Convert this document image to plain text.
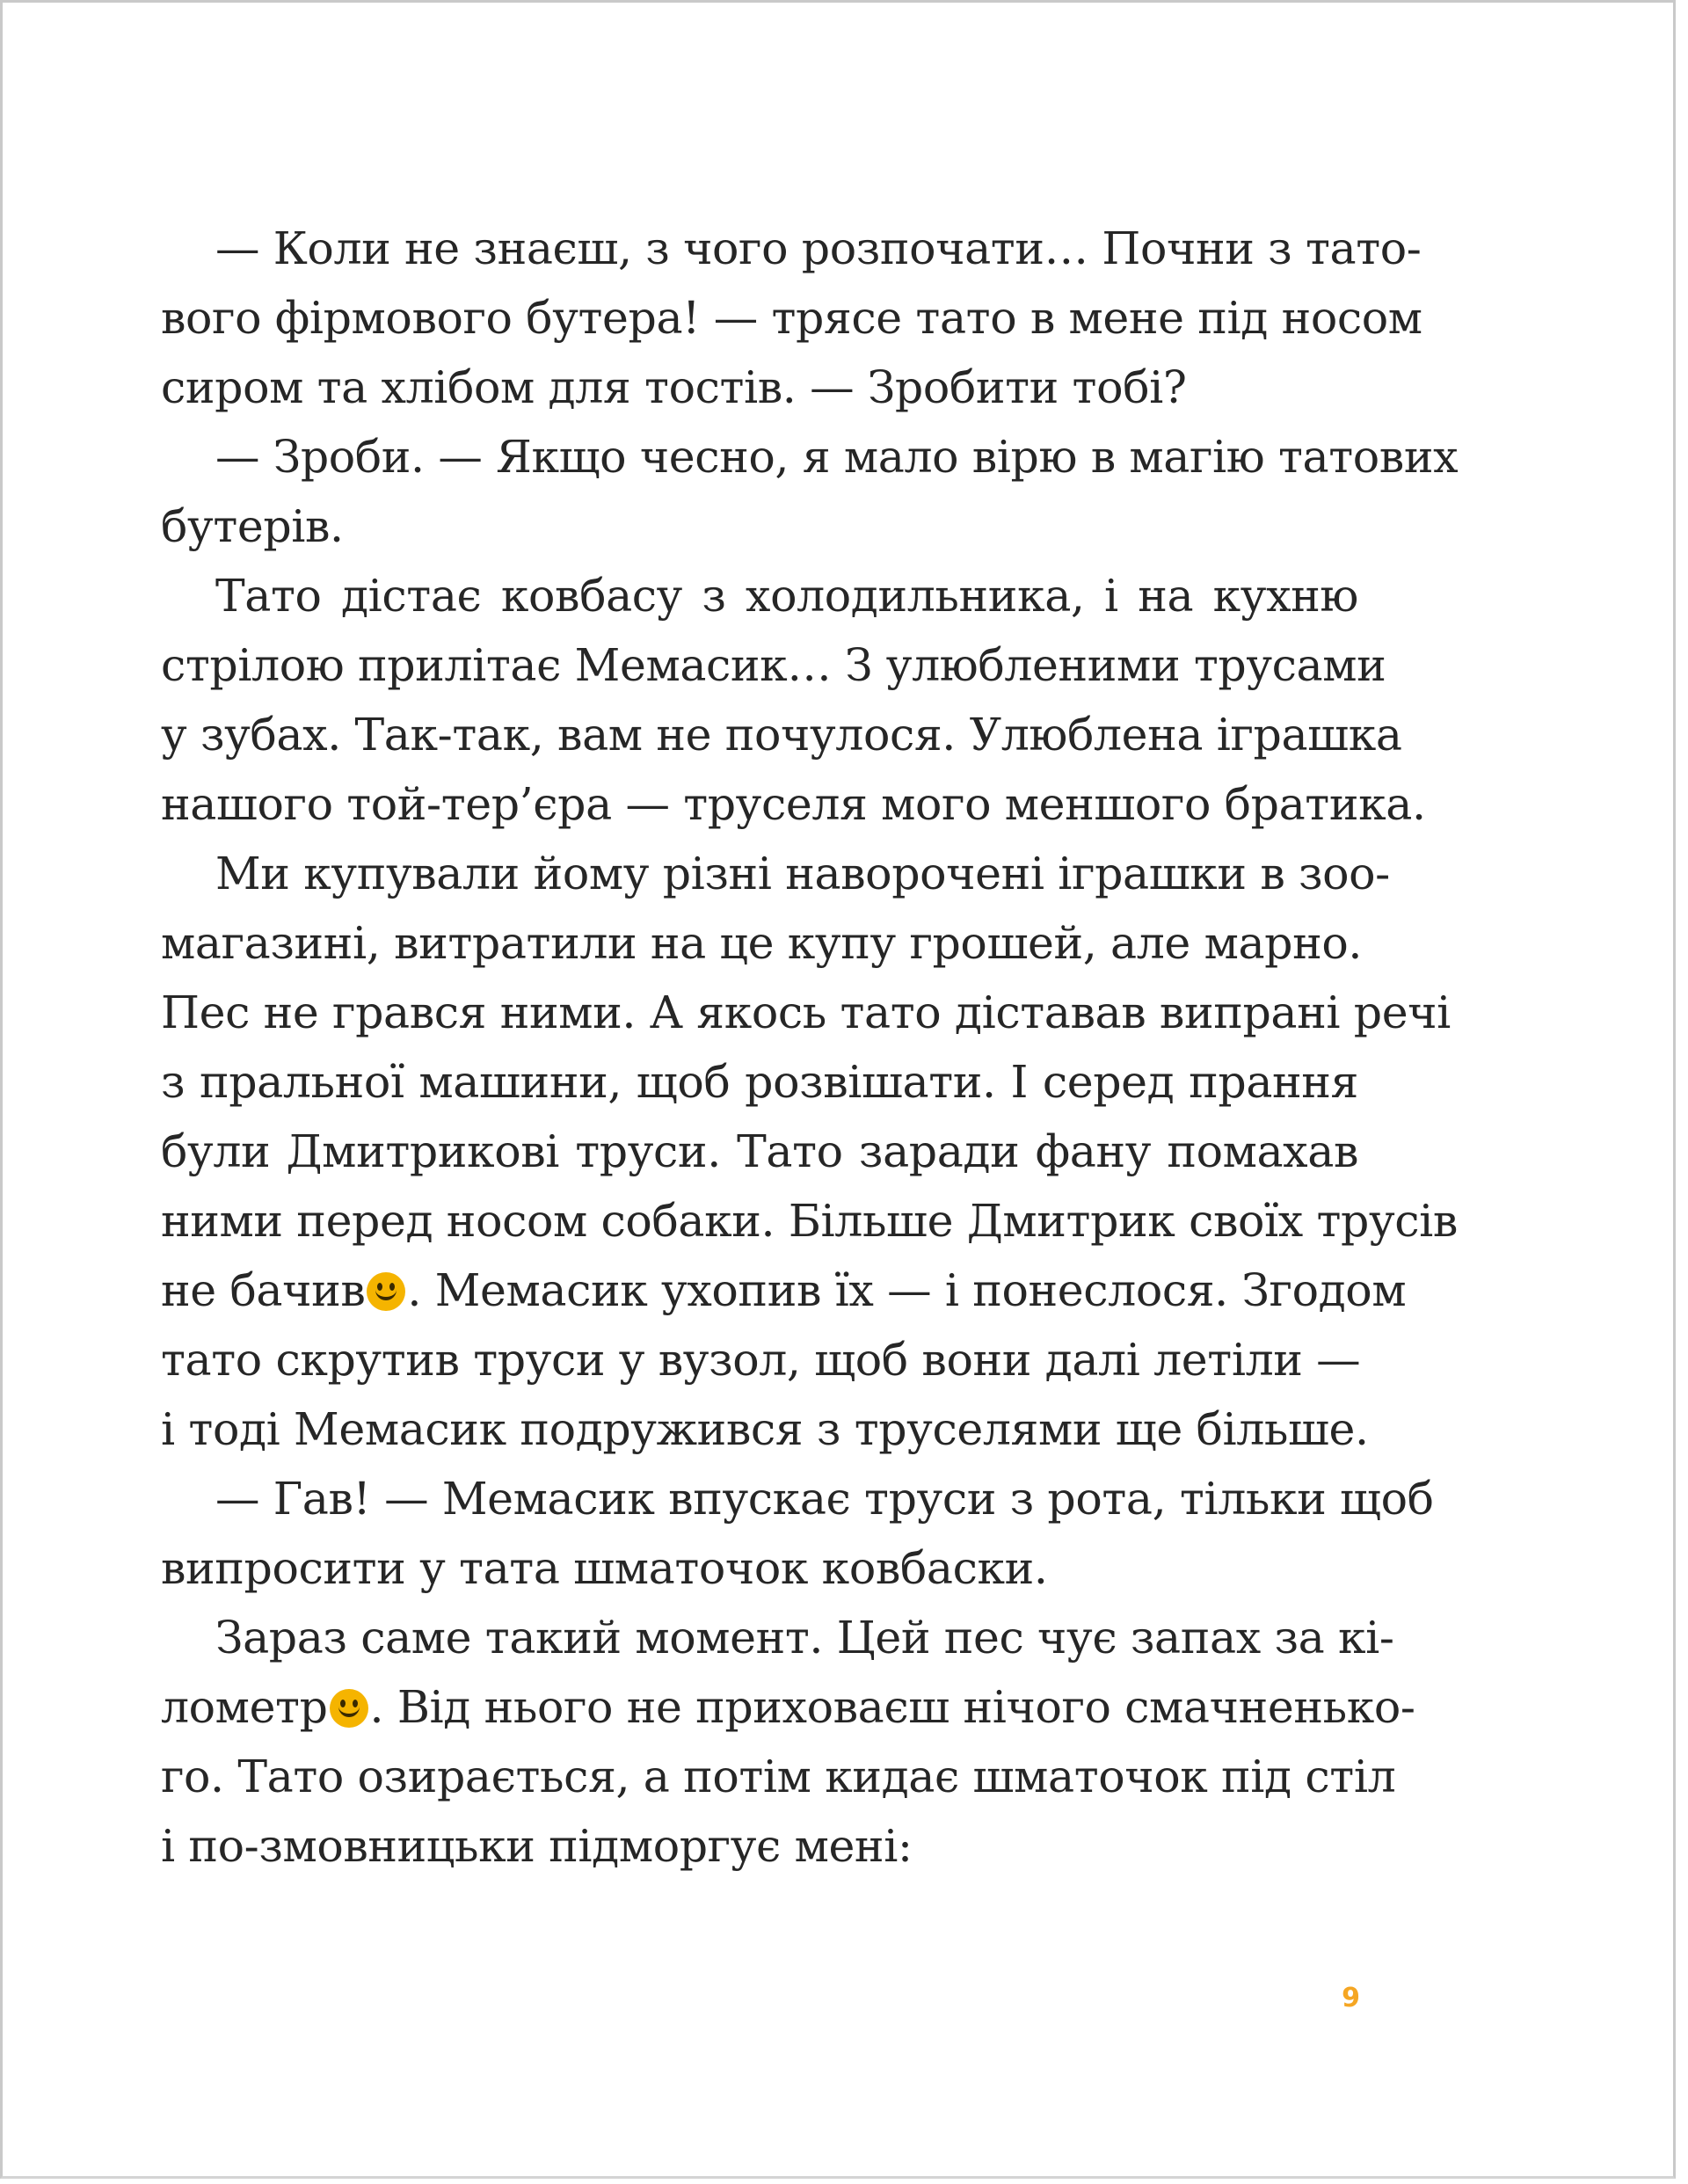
— Коли не знаєш, з чого розпочати… Почни з тато-
вого фірмового бутера! — трясе тато в мене під носом
сиром та хлібом для тостів. — Зробити тобі?
— Зроби. — Якщо чесно, я мало вірю в магію татових
бутерів.
Тато дістає ковбасу з холодильника, і на кухню
стрілою прилітає Мемасик… З улюбленими трусами
у зубах. Так-так, вам не почулося. Улюблена іграшка
нашого той-тер’єра — труселя мого меншого братика.
Ми купували йому різні наворочені іграшки в зоо-
магазині, витратили на це купу грошей, але марно.
Пес не грався ними. А якось тато діставав випрані речі
з пральної машини, щоб розвішати. І серед прання
були Дмитрикові труси. Тато заради фану помахав
ними перед носом собаки. Більше Дмитрик своїх трусів
не бачив . Мемасик ухопив їх — і понеслося. Згодом
тато скрутив труси у вузол, щоб вони далі летіли —
і тоді Мемасик подружився з труселями ще більше.
— Гав! — Мемасик впускає труси з рота, тільки щоб
випросити у тата шматочок ковбаски.
Зараз саме такий момент. Цей пес чує запах за кі-
лометр . Від нього не приховаєш нічого смачненько-
го. Тато озирається, а потім кидає шматочок під стіл
і по-змовницьки підморгує мені:
9
